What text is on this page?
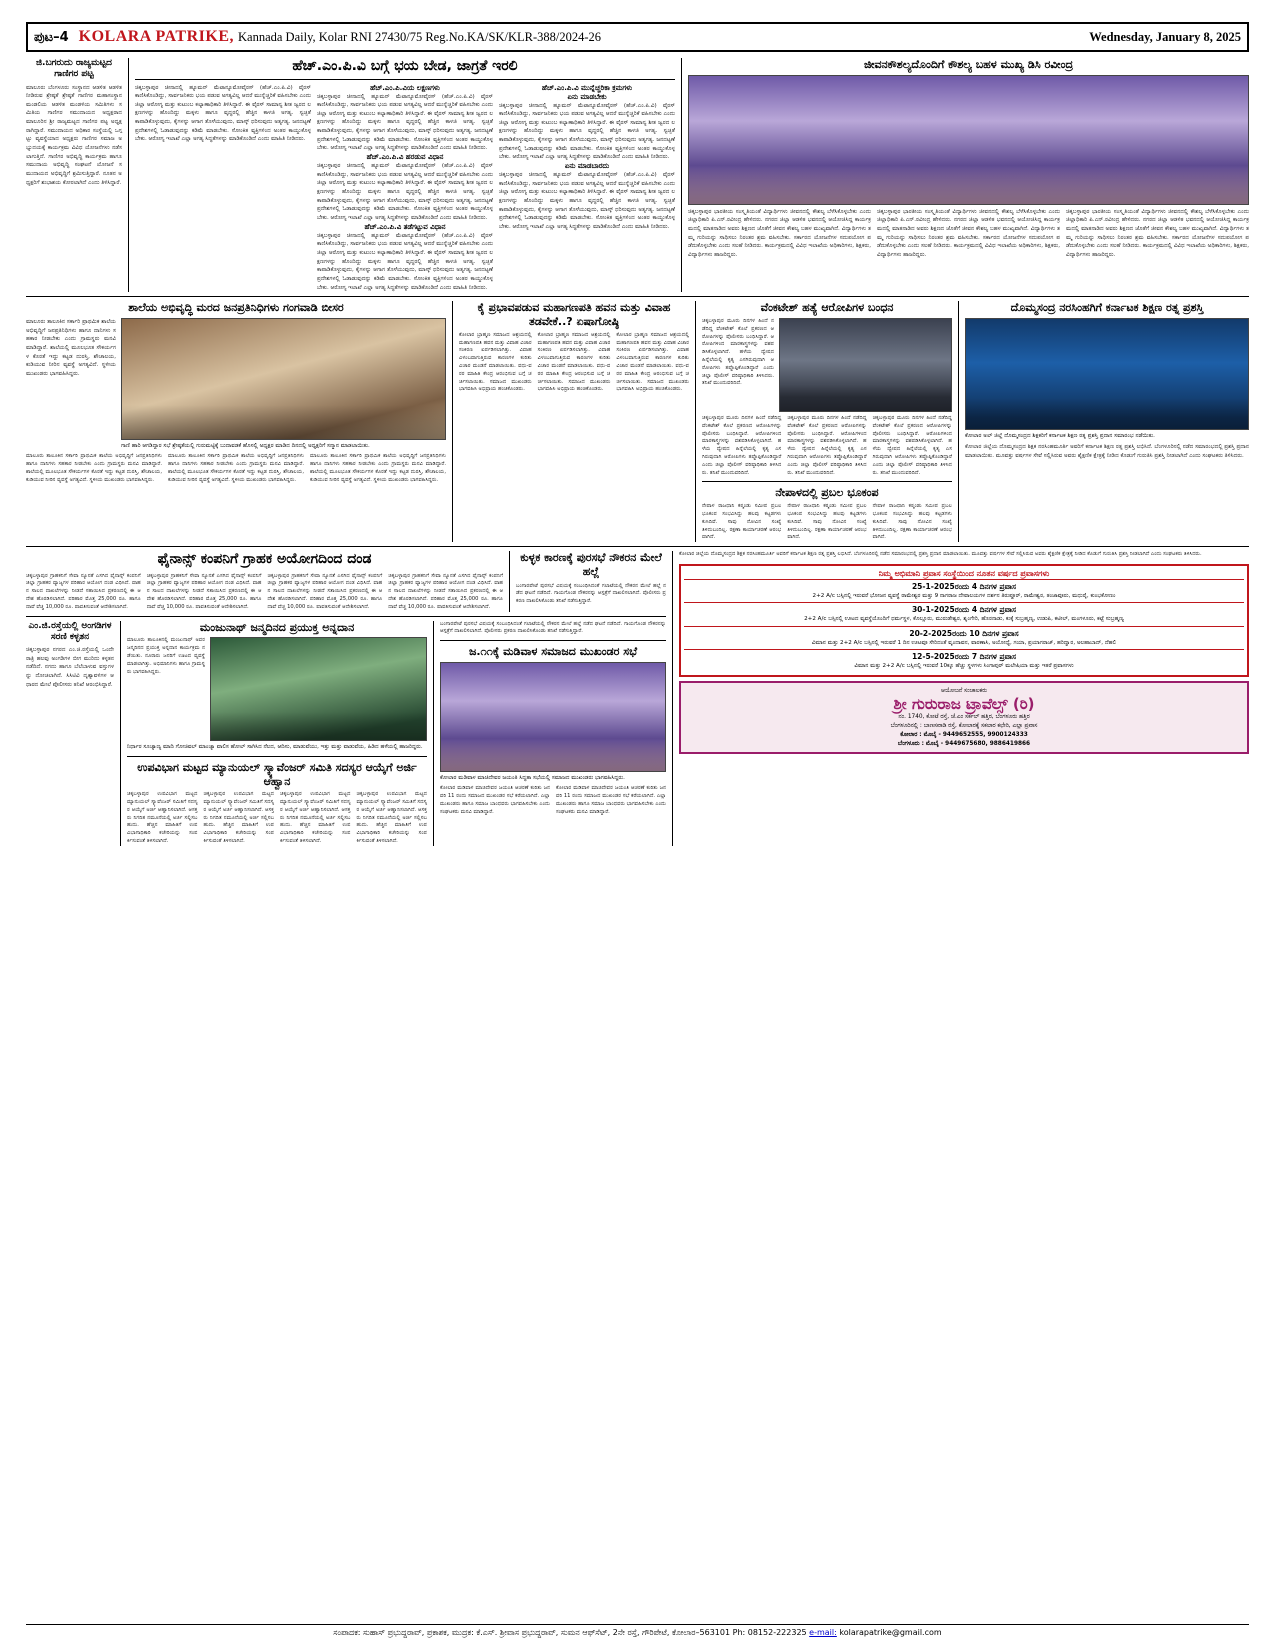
ಪುಟ–4 KOLARA PATRIKE, Kannada Daily, Kolar RNI 27430/75 Reg.No.KA/SK/KLR-388/2024-26	Wednesday, January 8, 2025
ಜಿ.ಬಗರುದು ರಾಜ್ಯಮಟ್ಟದ ಗಾಣಿಗರ ಪಟ್ಟ
ಮಾಲೂರು ಬೆಂಗಳೂರು ಸಂಸ್ಥಾನದ ಆಡಳಿತ ಆಡಳಿತ ನೀಡಿರುವ ಶ್ರೇಷ್ಠತೆ ಶ್ರೇಷ್ಠತೆ ಗಾಣಿಗರ ಮಹಾಸಂಸ್ಥಾನ ಮಂಡಲಿಯ ಆಡಳಿತ ಮಂಡಳಿಯ ಸಮಿತಿಗಳು ಸಮಿತಿಯ ಗಾಣಿಗರ ಸಮುದಾಯದ ಅಧ್ಯಕ್ಷರಾದ ಮಾಲೂರಿನ ಶ್ರೀ ರಾಜ್ಯಮಟ್ಟದ ಗಾಣಿಗರ ಪಟ್ಟ ಅಧ್ಯಕ್ಷರಾಗಿದ್ದಾರೆ. ಸಮುದಾಯದ ಅಧಿಕಾರ ಸಂಸ್ಥೆಯಲ್ಲಿ ಒಗ್ಗಟ್ಟು ವ್ಯವಸ್ಥೆಯಾದ ಅಧ್ಯಕ್ಷರು ಗಾಣಿಗರ ಸಮಾಜ ಅಭ್ಯುದಯಕ್ಕೆ ಕಾರ್ಯಕ್ರಮ ವಿವಿಧ ಯೋಜನೆಗಳು ನಡೆಸಲಾಗುತ್ತಿದೆ. ಗಾಣಿಗರ ಅಭಿವೃದ್ಧಿ ಕಾರ್ಯಕ್ರಮ ಹಾಗೂ ಸಮುದಾಯ ಅಭಿವೃದ್ಧಿ ಸಂಘಟನೆ ಯೋಜನೆ ಸಮುದಾಯದ ಅಭಿವೃದ್ಧಿಗೆ ಶ್ರಮಿಸುತ್ತಿದ್ದಾರೆ. ನೂತನ ಅಧ್ಯಕ್ಷರಿಗೆ ಶುಭಾಶಯ ಕೋರಲಾಗಿದೆ ಎಂದು ತಿಳಿಸಿದ್ದಾರೆ.
ಹೆಚ್.ಎಂ.ಪಿ.ವಿ ಬಗ್ಗೆ ಭಯ ಬೇಡ, ಜಾಗ್ರತೆ ಇರಲಿ
ಚಿಕ್ಕಬಳ್ಳಾಪುರ ಚೀನಾದಲ್ಲಿ ಹ್ಯೂಮನ್ ಮೆಟಾನ್ಯೂಮೋವೈರಸ್ (ಹೆಚ್.ಎಂ.ಪಿ.ವಿ) ವೈರಸ್ ಕಾಣಿಸಿಕೊಂಡಿದ್ದು, ಸಾರ್ವಜನಿಕರು ಭಯ ಪಡುವ ಅಗತ್ಯವಿಲ್ಲ ಆದರೆ ಮುನ್ನೆಚ್ಚರಿಕೆ ವಹಿಸಬೇಕು ಎಂದು ಜಿಲ್ಲಾ ಆರೋಗ್ಯ ಮತ್ತು ಕುಟುಂಬ ಕಲ್ಯಾಣಾಧಿಕಾರಿ ತಿಳಿಸಿದ್ದಾರೆ. ಈ ವೈರಸ್ ಸಾಮಾನ್ಯ ಶೀತ ಜ್ವರದ ಲಕ್ಷಣಗಳನ್ನು ಹೊಂದಿದ್ದು ಮಕ್ಕಳು ಹಾಗೂ ವೃದ್ಧರಲ್ಲಿ ಹೆಚ್ಚಿನ ಕಾಳಜಿ ಅಗತ್ಯ. ಸ್ವಚ್ಛತೆ ಕಾಪಾಡಿಕೊಳ್ಳುವುದು, ಕೈಗಳನ್ನು ಆಗಾಗ ತೊಳೆಯುವುದು, ಮಾಸ್ಕ್ ಧರಿಸುವುದು ಅತ್ಯಗತ್ಯ. ಜನದಟ್ಟಣೆ ಪ್ರದೇಶಗಳಲ್ಲಿ ಓಡಾಡುವುದನ್ನು ಕಡಿಮೆ ಮಾಡಬೇಕು. ಸೋಂಕಿತ ವ್ಯಕ್ತಿಗಳಿಂದ ಅಂತರ ಕಾಯ್ದುಕೊಳ್ಳಬೇಕು. ಆರೋಗ್ಯ ಇಲಾಖೆ ಎಲ್ಲಾ ಅಗತ್ಯ ಸಿದ್ಧತೆಗಳನ್ನು ಮಾಡಿಕೊಂಡಿದೆ ಎಂದು ಮಾಹಿತಿ ನೀಡಿದರು.
ಹೆಚ್.ಎಂ.ಪಿ.ವಿಯ ಲಕ್ಷಣಗಳು
ಚಿಕ್ಕಬಳ್ಳಾಪುರ ಚೀನಾದಲ್ಲಿ ಹ್ಯೂಮನ್ ಮೆಟಾನ್ಯೂಮೋವೈರಸ್ (ಹೆಚ್.ಎಂ.ಪಿ.ವಿ) ವೈರಸ್ ಕಾಣಿಸಿಕೊಂಡಿದ್ದು, ಸಾರ್ವಜನಿಕರು ಭಯ ಪಡುವ ಅಗತ್ಯವಿಲ್ಲ ಆದರೆ ಮುನ್ನೆಚ್ಚರಿಕೆ ವಹಿಸಬೇಕು ಎಂದು ಜಿಲ್ಲಾ ಆರೋಗ್ಯ ಮತ್ತು ಕುಟುಂಬ ಕಲ್ಯಾಣಾಧಿಕಾರಿ ತಿಳಿಸಿದ್ದಾರೆ. ಈ ವೈರಸ್ ಸಾಮಾನ್ಯ ಶೀತ ಜ್ವರದ ಲಕ್ಷಣಗಳನ್ನು ಹೊಂದಿದ್ದು ಮಕ್ಕಳು ಹಾಗೂ ವೃದ್ಧರಲ್ಲಿ ಹೆಚ್ಚಿನ ಕಾಳಜಿ ಅಗತ್ಯ. ಸ್ವಚ್ಛತೆ ಕಾಪಾಡಿಕೊಳ್ಳುವುದು, ಕೈಗಳನ್ನು ಆಗಾಗ ತೊಳೆಯುವುದು, ಮಾಸ್ಕ್ ಧರಿಸುವುದು ಅತ್ಯಗತ್ಯ. ಜನದಟ್ಟಣೆ ಪ್ರದೇಶಗಳಲ್ಲಿ ಓಡಾಡುವುದನ್ನು ಕಡಿಮೆ ಮಾಡಬೇಕು. ಸೋಂಕಿತ ವ್ಯಕ್ತಿಗಳಿಂದ ಅಂತರ ಕಾಯ್ದುಕೊಳ್ಳಬೇಕು. ಆರೋಗ್ಯ ಇಲಾಖೆ ಎಲ್ಲಾ ಅಗತ್ಯ ಸಿದ್ಧತೆಗಳನ್ನು ಮಾಡಿಕೊಂಡಿದೆ ಎಂದು ಮಾಹಿತಿ ನೀಡಿದರು.
ಹೆಚ್.ಎಂ.ಪಿ.ವಿ ಹರಡುವ ವಿಧಾನ
ಚಿಕ್ಕಬಳ್ಳಾಪುರ ಚೀನಾದಲ್ಲಿ ಹ್ಯೂಮನ್ ಮೆಟಾನ್ಯೂಮೋವೈರಸ್ (ಹೆಚ್.ಎಂ.ಪಿ.ವಿ) ವೈರಸ್ ಕಾಣಿಸಿಕೊಂಡಿದ್ದು, ಸಾರ್ವಜನಿಕರು ಭಯ ಪಡುವ ಅಗತ್ಯವಿಲ್ಲ ಆದರೆ ಮುನ್ನೆಚ್ಚರಿಕೆ ವಹಿಸಬೇಕು ಎಂದು ಜಿಲ್ಲಾ ಆರೋಗ್ಯ ಮತ್ತು ಕುಟುಂಬ ಕಲ್ಯಾಣಾಧಿಕಾರಿ ತಿಳಿಸಿದ್ದಾರೆ. ಈ ವೈರಸ್ ಸಾಮಾನ್ಯ ಶೀತ ಜ್ವರದ ಲಕ್ಷಣಗಳನ್ನು ಹೊಂದಿದ್ದು ಮಕ್ಕಳು ಹಾಗೂ ವೃದ್ಧರಲ್ಲಿ ಹೆಚ್ಚಿನ ಕಾಳಜಿ ಅಗತ್ಯ. ಸ್ವಚ್ಛತೆ ಕಾಪಾಡಿಕೊಳ್ಳುವುದು, ಕೈಗಳನ್ನು ಆಗಾಗ ತೊಳೆಯುವುದು, ಮಾಸ್ಕ್ ಧರಿಸುವುದು ಅತ್ಯಗತ್ಯ. ಜನದಟ್ಟಣೆ ಪ್ರದೇಶಗಳಲ್ಲಿ ಓಡಾಡುವುದನ್ನು ಕಡಿಮೆ ಮಾಡಬೇಕು. ಸೋಂಕಿತ ವ್ಯಕ್ತಿಗಳಿಂದ ಅಂತರ ಕಾಯ್ದುಕೊಳ್ಳಬೇಕು. ಆರೋಗ್ಯ ಇಲಾಖೆ ಎಲ್ಲಾ ಅಗತ್ಯ ಸಿದ್ಧತೆಗಳನ್ನು ಮಾಡಿಕೊಂಡಿದೆ ಎಂದು ಮಾಹಿತಿ ನೀಡಿದರು.
ಹೆಚ್.ಎಂ.ಪಿ.ವಿ ತಡೆಗಟ್ಟುವ ವಿಧಾನ
ಚಿಕ್ಕಬಳ್ಳಾಪುರ ಚೀನಾದಲ್ಲಿ ಹ್ಯೂಮನ್ ಮೆಟಾನ್ಯೂಮೋವೈರಸ್ (ಹೆಚ್.ಎಂ.ಪಿ.ವಿ) ವೈರಸ್ ಕಾಣಿಸಿಕೊಂಡಿದ್ದು, ಸಾರ್ವಜನಿಕರು ಭಯ ಪಡುವ ಅಗತ್ಯವಿಲ್ಲ ಆದರೆ ಮುನ್ನೆಚ್ಚರಿಕೆ ವಹಿಸಬೇಕು ಎಂದು ಜಿಲ್ಲಾ ಆರೋಗ್ಯ ಮತ್ತು ಕುಟುಂಬ ಕಲ್ಯಾಣಾಧಿಕಾರಿ ತಿಳಿಸಿದ್ದಾರೆ. ಈ ವೈರಸ್ ಸಾಮಾನ್ಯ ಶೀತ ಜ್ವರದ ಲಕ್ಷಣಗಳನ್ನು ಹೊಂದಿದ್ದು ಮಕ್ಕಳು ಹಾಗೂ ವೃದ್ಧರಲ್ಲಿ ಹೆಚ್ಚಿನ ಕಾಳಜಿ ಅಗತ್ಯ. ಸ್ವಚ್ಛತೆ ಕಾಪಾಡಿಕೊಳ್ಳುವುದು, ಕೈಗಳನ್ನು ಆಗಾಗ ತೊಳೆಯುವುದು, ಮಾಸ್ಕ್ ಧರಿಸುವುದು ಅತ್ಯಗತ್ಯ. ಜನದಟ್ಟಣೆ ಪ್ರದೇಶಗಳಲ್ಲಿ ಓಡಾಡುವುದನ್ನು ಕಡಿಮೆ ಮಾಡಬೇಕು. ಸೋಂಕಿತ ವ್ಯಕ್ತಿಗಳಿಂದ ಅಂತರ ಕಾಯ್ದುಕೊಳ್ಳಬೇಕು. ಆರೋಗ್ಯ ಇಲಾಖೆ ಎಲ್ಲಾ ಅಗತ್ಯ ಸಿದ್ಧತೆಗಳನ್ನು ಮಾಡಿಕೊಂಡಿದೆ ಎಂದು ಮಾಹಿತಿ ನೀಡಿದರು.
ಹೆಚ್.ಎಂ.ಪಿ.ವಿ ಮುನ್ನೆಚ್ಚರಿಕಾ ಕ್ರಮಗಳು
ಏನು ಮಾಡಬೇಕು
ಚಿಕ್ಕಬಳ್ಳಾಪುರ ಚೀನಾದಲ್ಲಿ ಹ್ಯೂಮನ್ ಮೆಟಾನ್ಯೂಮೋವೈರಸ್ (ಹೆಚ್.ಎಂ.ಪಿ.ವಿ) ವೈರಸ್ ಕಾಣಿಸಿಕೊಂಡಿದ್ದು, ಸಾರ್ವಜನಿಕರು ಭಯ ಪಡುವ ಅಗತ್ಯವಿಲ್ಲ ಆದರೆ ಮುನ್ನೆಚ್ಚರಿಕೆ ವಹಿಸಬೇಕು ಎಂದು ಜಿಲ್ಲಾ ಆರೋಗ್ಯ ಮತ್ತು ಕುಟುಂಬ ಕಲ್ಯಾಣಾಧಿಕಾರಿ ತಿಳಿಸಿದ್ದಾರೆ. ಈ ವೈರಸ್ ಸಾಮಾನ್ಯ ಶೀತ ಜ್ವರದ ಲಕ್ಷಣಗಳನ್ನು ಹೊಂದಿದ್ದು ಮಕ್ಕಳು ಹಾಗೂ ವೃದ್ಧರಲ್ಲಿ ಹೆಚ್ಚಿನ ಕಾಳಜಿ ಅಗತ್ಯ. ಸ್ವಚ್ಛತೆ ಕಾಪಾಡಿಕೊಳ್ಳುವುದು, ಕೈಗಳನ್ನು ಆಗಾಗ ತೊಳೆಯುವುದು, ಮಾಸ್ಕ್ ಧರಿಸುವುದು ಅತ್ಯಗತ್ಯ. ಜನದಟ್ಟಣೆ ಪ್ರದೇಶಗಳಲ್ಲಿ ಓಡಾಡುವುದನ್ನು ಕಡಿಮೆ ಮಾಡಬೇಕು. ಸೋಂಕಿತ ವ್ಯಕ್ತಿಗಳಿಂದ ಅಂತರ ಕಾಯ್ದುಕೊಳ್ಳಬೇಕು. ಆರೋಗ್ಯ ಇಲಾಖೆ ಎಲ್ಲಾ ಅಗತ್ಯ ಸಿದ್ಧತೆಗಳನ್ನು ಮಾಡಿಕೊಂಡಿದೆ ಎಂದು ಮಾಹಿತಿ ನೀಡಿದರು.
ಏನು ಮಾಡಬಾರದು
ಚಿಕ್ಕಬಳ್ಳಾಪುರ ಚೀನಾದಲ್ಲಿ ಹ್ಯೂಮನ್ ಮೆಟಾನ್ಯೂಮೋವೈರಸ್ (ಹೆಚ್.ಎಂ.ಪಿ.ವಿ) ವೈರಸ್ ಕಾಣಿಸಿಕೊಂಡಿದ್ದು, ಸಾರ್ವಜನಿಕರು ಭಯ ಪಡುವ ಅಗತ್ಯವಿಲ್ಲ ಆದರೆ ಮುನ್ನೆಚ್ಚರಿಕೆ ವಹಿಸಬೇಕು ಎಂದು ಜಿಲ್ಲಾ ಆರೋಗ್ಯ ಮತ್ತು ಕುಟುಂಬ ಕಲ್ಯಾಣಾಧಿಕಾರಿ ತಿಳಿಸಿದ್ದಾರೆ. ಈ ವೈರಸ್ ಸಾಮಾನ್ಯ ಶೀತ ಜ್ವರದ ಲಕ್ಷಣಗಳನ್ನು ಹೊಂದಿದ್ದು ಮಕ್ಕಳು ಹಾಗೂ ವೃದ್ಧರಲ್ಲಿ ಹೆಚ್ಚಿನ ಕಾಳಜಿ ಅಗತ್ಯ. ಸ್ವಚ್ಛತೆ ಕಾಪಾಡಿಕೊಳ್ಳುವುದು, ಕೈಗಳನ್ನು ಆಗಾಗ ತೊಳೆಯುವುದು, ಮಾಸ್ಕ್ ಧರಿಸುವುದು ಅತ್ಯಗತ್ಯ. ಜನದಟ್ಟಣೆ ಪ್ರದೇಶಗಳಲ್ಲಿ ಓಡಾಡುವುದನ್ನು ಕಡಿಮೆ ಮಾಡಬೇಕು. ಸೋಂಕಿತ ವ್ಯಕ್ತಿಗಳಿಂದ ಅಂತರ ಕಾಯ್ದುಕೊಳ್ಳಬೇಕು. ಆರೋಗ್ಯ ಇಲಾಖೆ ಎಲ್ಲಾ ಅಗತ್ಯ ಸಿದ್ಧತೆಗಳನ್ನು ಮಾಡಿಕೊಂಡಿದೆ ಎಂದು ಮಾಹಿತಿ ನೀಡಿದರು.
ಜೀವನಕೌಶಲ್ಯದೊಂದಿಗೆ ಕೌಶಲ್ಯ ಬಹಳ ಮುಖ್ಯ ಡಿಸಿ ರವೀಂದ್ರ
ಚಿಕ್ಕಬಳ್ಳಾಪುರ ಭಾರತೀಯ ಸಂಸ್ಕೃತಿಯಂತೆ ವಿದ್ಯಾರ್ಥಿಗಳು ಜೀವನದಲ್ಲಿ ಕೌಶಲ್ಯ ಬೆಳೆಸಿಕೊಳ್ಳಬೇಕು ಎಂದು ಜಿಲ್ಲಾಧಿಕಾರಿ ಪಿ.ಎನ್.ರವೀಂದ್ರ ಹೇಳಿದರು. ನಗರದ ಜಿಲ್ಲಾ ಆಡಳಿತ ಭವನದಲ್ಲಿ ಆಯೋಜಿಸಿದ್ದ ಕಾರ್ಯಕ್ರಮದಲ್ಲಿ ಮಾತನಾಡಿದ ಅವರು ಶಿಕ್ಷಣದ ಜೊತೆಗೆ ಜೀವನ ಕೌಶಲ್ಯ ಬಹಳ ಮುಖ್ಯವಾಗಿದೆ. ವಿದ್ಯಾರ್ಥಿಗಳು ತಮ್ಮ ಗುರಿಯನ್ನು ಸಾಧಿಸಲು ನಿರಂತರ ಶ್ರಮ ವಹಿಸಬೇಕು. ಸರ್ಕಾರದ ಯೋಜನೆಗಳ ಸದುಪಯೋಗ ಪಡೆದುಕೊಳ್ಳಬೇಕು ಎಂದು ಸಲಹೆ ನೀಡಿದರು. ಕಾರ್ಯಕ್ರಮದಲ್ಲಿ ವಿವಿಧ ಇಲಾಖೆಯ ಅಧಿಕಾರಿಗಳು, ಶಿಕ್ಷಕರು, ವಿದ್ಯಾರ್ಥಿಗಳು ಹಾಜರಿದ್ದರು.
ಚಿಕ್ಕಬಳ್ಳಾಪುರ ಭಾರತೀಯ ಸಂಸ್ಕೃತಿಯಂತೆ ವಿದ್ಯಾರ್ಥಿಗಳು ಜೀವನದಲ್ಲಿ ಕೌಶಲ್ಯ ಬೆಳೆಸಿಕೊಳ್ಳಬೇಕು ಎಂದು ಜಿಲ್ಲಾಧಿಕಾರಿ ಪಿ.ಎನ್.ರವೀಂದ್ರ ಹೇಳಿದರು. ನಗರದ ಜಿಲ್ಲಾ ಆಡಳಿತ ಭವನದಲ್ಲಿ ಆಯೋಜಿಸಿದ್ದ ಕಾರ್ಯಕ್ರಮದಲ್ಲಿ ಮಾತನಾಡಿದ ಅವರು ಶಿಕ್ಷಣದ ಜೊತೆಗೆ ಜೀವನ ಕೌಶಲ್ಯ ಬಹಳ ಮುಖ್ಯವಾಗಿದೆ. ವಿದ್ಯಾರ್ಥಿಗಳು ತಮ್ಮ ಗುರಿಯನ್ನು ಸಾಧಿಸಲು ನಿರಂತರ ಶ್ರಮ ವಹಿಸಬೇಕು. ಸರ್ಕಾರದ ಯೋಜನೆಗಳ ಸದುಪಯೋಗ ಪಡೆದುಕೊಳ್ಳಬೇಕು ಎಂದು ಸಲಹೆ ನೀಡಿದರು. ಕಾರ್ಯಕ್ರಮದಲ್ಲಿ ವಿವಿಧ ಇಲಾಖೆಯ ಅಧಿಕಾರಿಗಳು, ಶಿಕ್ಷಕರು, ವಿದ್ಯಾರ್ಥಿಗಳು ಹಾಜರಿದ್ದರು.
ಚಿಕ್ಕಬಳ್ಳಾಪುರ ಭಾರತೀಯ ಸಂಸ್ಕೃತಿಯಂತೆ ವಿದ್ಯಾರ್ಥಿಗಳು ಜೀವನದಲ್ಲಿ ಕೌಶಲ್ಯ ಬೆಳೆಸಿಕೊಳ್ಳಬೇಕು ಎಂದು ಜಿಲ್ಲಾಧಿಕಾರಿ ಪಿ.ಎನ್.ರವೀಂದ್ರ ಹೇಳಿದರು. ನಗರದ ಜಿಲ್ಲಾ ಆಡಳಿತ ಭವನದಲ್ಲಿ ಆಯೋಜಿಸಿದ್ದ ಕಾರ್ಯಕ್ರಮದಲ್ಲಿ ಮಾತನಾಡಿದ ಅವರು ಶಿಕ್ಷಣದ ಜೊತೆಗೆ ಜೀವನ ಕೌಶಲ್ಯ ಬಹಳ ಮುಖ್ಯವಾಗಿದೆ. ವಿದ್ಯಾರ್ಥಿಗಳು ತಮ್ಮ ಗುರಿಯನ್ನು ಸಾಧಿಸಲು ನಿರಂತರ ಶ್ರಮ ವಹಿಸಬೇಕು. ಸರ್ಕಾರದ ಯೋಜನೆಗಳ ಸದುಪಯೋಗ ಪಡೆದುಕೊಳ್ಳಬೇಕು ಎಂದು ಸಲಹೆ ನೀಡಿದರು. ಕಾರ್ಯಕ್ರಮದಲ್ಲಿ ವಿವಿಧ ಇಲಾಖೆಯ ಅಧಿಕಾರಿಗಳು, ಶಿಕ್ಷಕರು, ವಿದ್ಯಾರ್ಥಿಗಳು ಹಾಜರಿದ್ದರು.
ಶಾಲೆಯ ಅಭಿವೃದ್ಧಿ ಮರದ ಜನಪ್ರತಿನಿಧಿಗಳು ಗಂಗವಾಡಿ ಬೀಸರ
ಮಾಲೂರು ತಾಲೂಕಿನ ಸರ್ಕಾರಿ ಪ್ರಾಥಮಿಕ ಶಾಲೆಯ ಅಭಿವೃದ್ಧಿಗೆ ಜನಪ್ರತಿನಿಧಿಗಳು ಹಾಗೂ ದಾನಿಗಳು ಸಹಕಾರ ನೀಡಬೇಕು ಎಂದು ಗ್ರಾಮಸ್ಥರು ಮನವಿ ಮಾಡಿದ್ದಾರೆ. ಶಾಲೆಯಲ್ಲಿ ಮೂಲಭೂತ ಸೌಕರ್ಯಗಳ ಕೊರತೆ ಇದ್ದು ಕಟ್ಟಡ ದುರಸ್ತಿ, ಶೌಚಾಲಯ, ಕುಡಿಯುವ ನೀರಿನ ವ್ಯವಸ್ಥೆ ಅಗತ್ಯವಿದೆ. ಸ್ಥಳೀಯ ಮುಖಂಡರು ಭಾಗವಹಿಸಿದ್ದರು.
ಗಾಣಿ ಹಾರಿ ಆಗಡಿದ್ದಾರ ಸಭೆ ಶ್ರೇಷ್ಠತೆಯಲ್ಲಿ ಗುರುಮಟ್ಟಿಕ್ಕೆ ಬುದಾವಡಕೆ ಹೊಸಲ್ಲಿ ಅಧ್ಯಕ್ಷರ ಮಾಡಿದ ದಿನದಲ್ಲಿ ಅಧ್ಯಕ್ಷರಿಗೆ ಸನ್ಮಾನ ಮಾಡಲಾಯಿತು.
ಮಾಲೂರು ತಾಲೂಕಿನ ಸರ್ಕಾರಿ ಪ್ರಾಥಮಿಕ ಶಾಲೆಯ ಅಭಿವೃದ್ಧಿಗೆ ಜನಪ್ರತಿನಿಧಿಗಳು ಹಾಗೂ ದಾನಿಗಳು ಸಹಕಾರ ನೀಡಬೇಕು ಎಂದು ಗ್ರಾಮಸ್ಥರು ಮನವಿ ಮಾಡಿದ್ದಾರೆ. ಶಾಲೆಯಲ್ಲಿ ಮೂಲಭೂತ ಸೌಕರ್ಯಗಳ ಕೊರತೆ ಇದ್ದು ಕಟ್ಟಡ ದುರಸ್ತಿ, ಶೌಚಾಲಯ, ಕುಡಿಯುವ ನೀರಿನ ವ್ಯವಸ್ಥೆ ಅಗತ್ಯವಿದೆ. ಸ್ಥಳೀಯ ಮುಖಂಡರು ಭಾಗವಹಿಸಿದ್ದರು.
ಮಾಲೂರು ತಾಲೂಕಿನ ಸರ್ಕಾರಿ ಪ್ರಾಥಮಿಕ ಶಾಲೆಯ ಅಭಿವೃದ್ಧಿಗೆ ಜನಪ್ರತಿನಿಧಿಗಳು ಹಾಗೂ ದಾನಿಗಳು ಸಹಕಾರ ನೀಡಬೇಕು ಎಂದು ಗ್ರಾಮಸ್ಥರು ಮನವಿ ಮಾಡಿದ್ದಾರೆ. ಶಾಲೆಯಲ್ಲಿ ಮೂಲಭೂತ ಸೌಕರ್ಯಗಳ ಕೊರತೆ ಇದ್ದು ಕಟ್ಟಡ ದುರಸ್ತಿ, ಶೌಚಾಲಯ, ಕುಡಿಯುವ ನೀರಿನ ವ್ಯವಸ್ಥೆ ಅಗತ್ಯವಿದೆ. ಸ್ಥಳೀಯ ಮುಖಂಡರು ಭಾಗವಹಿಸಿದ್ದರು.
ಮಾಲೂರು ತಾಲೂಕಿನ ಸರ್ಕಾರಿ ಪ್ರಾಥಮಿಕ ಶಾಲೆಯ ಅಭಿವೃದ್ಧಿಗೆ ಜನಪ್ರತಿನಿಧಿಗಳು ಹಾಗೂ ದಾನಿಗಳು ಸಹಕಾರ ನೀಡಬೇಕು ಎಂದು ಗ್ರಾಮಸ್ಥರು ಮನವಿ ಮಾಡಿದ್ದಾರೆ. ಶಾಲೆಯಲ್ಲಿ ಮೂಲಭೂತ ಸೌಕರ್ಯಗಳ ಕೊರತೆ ಇದ್ದು ಕಟ್ಟಡ ದುರಸ್ತಿ, ಶೌಚಾಲಯ, ಕುಡಿಯುವ ನೀರಿನ ವ್ಯವಸ್ಥೆ ಅಗತ್ಯವಿದೆ. ಸ್ಥಳೀಯ ಮುಖಂಡರು ಭಾಗವಹಿಸಿದ್ದರು.
ಕೈ ಪ್ರಭಾವಪಡುವ ಮಹಾಗಣಪತಿ ಹವನ ಮತ್ತು ವಿವಾಹ ತಡವೇಕೆ..? ಏಷಾಗೋಷ್ಠಿ
ಕೋಲಾರ ಬ್ರಾಹ್ಮಣ ಸಮಾಜದ ಆಶ್ರಯದಲ್ಲಿ ಮಹಾಗಣಪತಿ ಹವನ ಮತ್ತು ವಿವಾಹ ವಿಚಾರ ಸಂಕಿರಣ ಏರ್ಪಡಿಸಲಾಗಿತ್ತು. ವಿವಾಹ ವಿಳಂಬವಾಗುತ್ತಿರುವ ಕಾರಣಗಳ ಕುರಿತು ವಿಚಾರ ಮಂಡನೆ ಮಾಡಲಾಯಿತು. ವಧು-ವರರ ಮಾಹಿತಿ ಕೇಂದ್ರ ಆರಂಭಿಸುವ ಬಗ್ಗೆ ಚರ್ಚಿಸಲಾಯಿತು. ಸಮಾಜದ ಮುಖಂಡರು ಭಾಗವಹಿಸಿ ಅಭಿಪ್ರಾಯ ಹಂಚಿಕೊಂಡರು.
ಕೋಲಾರ ಬ್ರಾಹ್ಮಣ ಸಮಾಜದ ಆಶ್ರಯದಲ್ಲಿ ಮಹಾಗಣಪತಿ ಹವನ ಮತ್ತು ವಿವಾಹ ವಿಚಾರ ಸಂಕಿರಣ ಏರ್ಪಡಿಸಲಾಗಿತ್ತು. ವಿವಾಹ ವಿಳಂಬವಾಗುತ್ತಿರುವ ಕಾರಣಗಳ ಕುರಿತು ವಿಚಾರ ಮಂಡನೆ ಮಾಡಲಾಯಿತು. ವಧು-ವರರ ಮಾಹಿತಿ ಕೇಂದ್ರ ಆರಂಭಿಸುವ ಬಗ್ಗೆ ಚರ್ಚಿಸಲಾಯಿತು. ಸಮಾಜದ ಮುಖಂಡರು ಭಾಗವಹಿಸಿ ಅಭಿಪ್ರಾಯ ಹಂಚಿಕೊಂಡರು.
ಕೋಲಾರ ಬ್ರಾಹ್ಮಣ ಸಮಾಜದ ಆಶ್ರಯದಲ್ಲಿ ಮಹಾಗಣಪತಿ ಹವನ ಮತ್ತು ವಿವಾಹ ವಿಚಾರ ಸಂಕಿರಣ ಏರ್ಪಡಿಸಲಾಗಿತ್ತು. ವಿವಾಹ ವಿಳಂಬವಾಗುತ್ತಿರುವ ಕಾರಣಗಳ ಕುರಿತು ವಿಚಾರ ಮಂಡನೆ ಮಾಡಲಾಯಿತು. ವಧು-ವರರ ಮಾಹಿತಿ ಕೇಂದ್ರ ಆರಂಭಿಸುವ ಬಗ್ಗೆ ಚರ್ಚಿಸಲಾಯಿತು. ಸಮಾಜದ ಮುಖಂಡರು ಭಾಗವಹಿಸಿ ಅಭಿಪ್ರಾಯ ಹಂಚಿಕೊಂಡರು.
ವೆಂಕಟೇಶ್ ಹತ್ಯೆ ಆರೋಪಿಗಳ ಬಂಧನ
ಚಿಕ್ಕಬಳ್ಳಾಪುರ ಮೂರು ದಿನಗಳ ಹಿಂದೆ ನಡೆದಿದ್ದ ವೆಂಕಟೇಶ್ ಕೊಲೆ ಪ್ರಕರಣದ ಆರೋಪಿಗಳನ್ನು ಪೊಲೀಸರು ಬಂಧಿಸಿದ್ದಾರೆ. ಆರೋಪಿಗಳಿಂದ ಮಾರಕಾಸ್ತ್ರಗಳನ್ನು ವಶಪಡಿಸಿಕೊಳ್ಳಲಾಗಿದೆ. ಹಳೆಯ ದ್ವೇಷದ ಹಿನ್ನೆಲೆಯಲ್ಲಿ ಕೃತ್ಯ ಎಸಗಿರುವುದಾಗಿ ಆರೋಪಿಗಳು ತಪ್ಪೊಪ್ಪಿಕೊಂಡಿದ್ದಾರೆ ಎಂದು ಜಿಲ್ಲಾ ಪೊಲೀಸ್ ವರಿಷ್ಠಾಧಿಕಾರಿ ತಿಳಿಸಿದರು. ತನಿಖೆ ಮುಂದುವರಿದಿದೆ.
ಚಿಕ್ಕಬಳ್ಳಾಪುರ ಮೂರು ದಿನಗಳ ಹಿಂದೆ ನಡೆದಿದ್ದ ವೆಂಕಟೇಶ್ ಕೊಲೆ ಪ್ರಕರಣದ ಆರೋಪಿಗಳನ್ನು ಪೊಲೀಸರು ಬಂಧಿಸಿದ್ದಾರೆ. ಆರೋಪಿಗಳಿಂದ ಮಾರಕಾಸ್ತ್ರಗಳನ್ನು ವಶಪಡಿಸಿಕೊಳ್ಳಲಾಗಿದೆ. ಹಳೆಯ ದ್ವೇಷದ ಹಿನ್ನೆಲೆಯಲ್ಲಿ ಕೃತ್ಯ ಎಸಗಿರುವುದಾಗಿ ಆರೋಪಿಗಳು ತಪ್ಪೊಪ್ಪಿಕೊಂಡಿದ್ದಾರೆ ಎಂದು ಜಿಲ್ಲಾ ಪೊಲೀಸ್ ವರಿಷ್ಠಾಧಿಕಾರಿ ತಿಳಿಸಿದರು. ತನಿಖೆ ಮುಂದುವರಿದಿದೆ.
ಚಿಕ್ಕಬಳ್ಳಾಪುರ ಮೂರು ದಿನಗಳ ಹಿಂದೆ ನಡೆದಿದ್ದ ವೆಂಕಟೇಶ್ ಕೊಲೆ ಪ್ರಕರಣದ ಆರೋಪಿಗಳನ್ನು ಪೊಲೀಸರು ಬಂಧಿಸಿದ್ದಾರೆ. ಆರೋಪಿಗಳಿಂದ ಮಾರಕಾಸ್ತ್ರಗಳನ್ನು ವಶಪಡಿಸಿಕೊಳ್ಳಲಾಗಿದೆ. ಹಳೆಯ ದ್ವೇಷದ ಹಿನ್ನೆಲೆಯಲ್ಲಿ ಕೃತ್ಯ ಎಸಗಿರುವುದಾಗಿ ಆರೋಪಿಗಳು ತಪ್ಪೊಪ್ಪಿಕೊಂಡಿದ್ದಾರೆ ಎಂದು ಜಿಲ್ಲಾ ಪೊಲೀಸ್ ವರಿಷ್ಠಾಧಿಕಾರಿ ತಿಳಿಸಿದರು. ತನಿಖೆ ಮುಂದುವರಿದಿದೆ.
ಚಿಕ್ಕಬಳ್ಳಾಪುರ ಮೂರು ದಿನಗಳ ಹಿಂದೆ ನಡೆದಿದ್ದ ವೆಂಕಟೇಶ್ ಕೊಲೆ ಪ್ರಕರಣದ ಆರೋಪಿಗಳನ್ನು ಪೊಲೀಸರು ಬಂಧಿಸಿದ್ದಾರೆ. ಆರೋಪಿಗಳಿಂದ ಮಾರಕಾಸ್ತ್ರಗಳನ್ನು ವಶಪಡಿಸಿಕೊಳ್ಳಲಾಗಿದೆ. ಹಳೆಯ ದ್ವೇಷದ ಹಿನ್ನೆಲೆಯಲ್ಲಿ ಕೃತ್ಯ ಎಸಗಿರುವುದಾಗಿ ಆರೋಪಿಗಳು ತಪ್ಪೊಪ್ಪಿಕೊಂಡಿದ್ದಾರೆ ಎಂದು ಜಿಲ್ಲಾ ಪೊಲೀಸ್ ವರಿಷ್ಠಾಧಿಕಾರಿ ತಿಳಿಸಿದರು. ತನಿಖೆ ಮುಂದುವರಿದಿದೆ.
ನೇಪಾಳದಲ್ಲಿ ಪ್ರಬಲ ಭೂಕಂಪ
ನೇಪಾಳ ರಾಜಧಾನಿ ಕಠ್ಮಂಡು ಸಮೀಪ ಪ್ರಬಲ ಭೂಕಂಪ ಸಂಭವಿಸಿದ್ದು ಹಲವು ಕಟ್ಟಡಗಳು ಕುಸಿದಿವೆ. ಸಾವು ನೋವಿನ ಸಂಖ್ಯೆ ತಿಳಿದುಬಂದಿಲ್ಲ. ರಕ್ಷಣಾ ಕಾರ್ಯಾಚರಣೆ ಆರಂಭವಾಗಿದೆ.
ನೇಪಾಳ ರಾಜಧಾನಿ ಕಠ್ಮಂಡು ಸಮೀಪ ಪ್ರಬಲ ಭೂಕಂಪ ಸಂಭವಿಸಿದ್ದು ಹಲವು ಕಟ್ಟಡಗಳು ಕುಸಿದಿವೆ. ಸಾವು ನೋವಿನ ಸಂಖ್ಯೆ ತಿಳಿದುಬಂದಿಲ್ಲ. ರಕ್ಷಣಾ ಕಾರ್ಯಾಚರಣೆ ಆರಂಭವಾಗಿದೆ.
ನೇಪಾಳ ರಾಜಧಾನಿ ಕಠ್ಮಂಡು ಸಮೀಪ ಪ್ರಬಲ ಭೂಕಂಪ ಸಂಭವಿಸಿದ್ದು ಹಲವು ಕಟ್ಟಡಗಳು ಕುಸಿದಿವೆ. ಸಾವು ನೋವಿನ ಸಂಖ್ಯೆ ತಿಳಿದುಬಂದಿಲ್ಲ. ರಕ್ಷಣಾ ಕಾರ್ಯಾಚರಣೆ ಆರಂಭವಾಗಿದೆ.
ದೊಮ್ಮಸಂದ್ರ ನರಸಿಂಹಗಿಗೆ ಕರ್ನಾಟಕ ಶಿಕ್ಷಣ ರತ್ನ ಪ್ರಶಸ್ತಿ
ಕೋಲಾರ ಅಲ್ ಜಿಲ್ಲೆ ದೊಮ್ಮಸಂದ್ರದ ಶಿಕ್ಷಕರಿಗೆ ಕರ್ನಾಟಕ ಶಿಕ್ಷಣ ರತ್ನ ಪ್ರಶಸ್ತಿ ಪ್ರದಾನ ಸಮಾರಂಭ ನಡೆಯಿತು.
ಕೋಲಾರ ಜಿಲ್ಲೆಯ ದೊಮ್ಮಸಂದ್ರದ ಶಿಕ್ಷಕ ನರಸಿಂಹಮೂರ್ತಿ ಅವರಿಗೆ ಕರ್ನಾಟಕ ಶಿಕ್ಷಣ ರತ್ನ ಪ್ರಶಸ್ತಿ ಲಭಿಸಿದೆ. ಬೆಂಗಳೂರಿನಲ್ಲಿ ನಡೆದ ಸಮಾರಂಭದಲ್ಲಿ ಪ್ರಶಸ್ತಿ ಪ್ರದಾನ ಮಾಡಲಾಯಿತು. ಮೂವತ್ತು ವರ್ಷಗಳ ಸೇವೆ ಸಲ್ಲಿಸಿರುವ ಅವರು ಶೈಕ್ಷಣಿಕ ಕ್ಷೇತ್ರಕ್ಕೆ ನೀಡಿದ ಕೊಡುಗೆ ಗುರುತಿಸಿ ಪ್ರಶಸ್ತಿ ನೀಡಲಾಗಿದೆ ಎಂದು ಸಂಘಟಕರು ತಿಳಿಸಿದರು.
ಫೈನಾನ್ಸ್ ಕಂಪನಿಗೆ ಗ್ರಾಹಕ ಅಯೋಗದಿಂದ ದಂಡ
ಚಿಕ್ಕಬಳ್ಳಾಪುರ ಗ್ರಾಹಕನಿಗೆ ಸೇವಾ ನ್ಯೂನತೆ ಎಸಗಿದ ಫೈನಾನ್ಸ್ ಕಂಪನಿಗೆ ಜಿಲ್ಲಾ ಗ್ರಾಹಕರ ವ್ಯಾಜ್ಯಗಳ ಪರಿಹಾರ ಆಯೋಗ ದಂಡ ವಿಧಿಸಿದೆ. ವಾಹನ ಸಾಲದ ದಾಖಲೆಗಳನ್ನು ನೀಡದೆ ಸತಾಯಿಸಿದ ಪ್ರಕರಣದಲ್ಲಿ ಈ ಆದೇಶ ಹೊರಡಿಸಲಾಗಿದೆ. ಪರಿಹಾರ ಮೊತ್ತ 25,000 ರೂ. ಹಾಗೂ ದಾವೆ ವೆಚ್ಚ 10,000 ರೂ. ಪಾವತಿಸುವಂತೆ ಆದೇಶಿಸಲಾಗಿದೆ.
ಚಿಕ್ಕಬಳ್ಳಾಪುರ ಗ್ರಾಹಕನಿಗೆ ಸೇವಾ ನ್ಯೂನತೆ ಎಸಗಿದ ಫೈನಾನ್ಸ್ ಕಂಪನಿಗೆ ಜಿಲ್ಲಾ ಗ್ರಾಹಕರ ವ್ಯಾಜ್ಯಗಳ ಪರಿಹಾರ ಆಯೋಗ ದಂಡ ವಿಧಿಸಿದೆ. ವಾಹನ ಸಾಲದ ದಾಖಲೆಗಳನ್ನು ನೀಡದೆ ಸತಾಯಿಸಿದ ಪ್ರಕರಣದಲ್ಲಿ ಈ ಆದೇಶ ಹೊರಡಿಸಲಾಗಿದೆ. ಪರಿಹಾರ ಮೊತ್ತ 25,000 ರೂ. ಹಾಗೂ ದಾವೆ ವೆಚ್ಚ 10,000 ರೂ. ಪಾವತಿಸುವಂತೆ ಆದೇಶಿಸಲಾಗಿದೆ.
ಚಿಕ್ಕಬಳ್ಳಾಪುರ ಗ್ರಾಹಕನಿಗೆ ಸೇವಾ ನ್ಯೂನತೆ ಎಸಗಿದ ಫೈನಾನ್ಸ್ ಕಂಪನಿಗೆ ಜಿಲ್ಲಾ ಗ್ರಾಹಕರ ವ್ಯಾಜ್ಯಗಳ ಪರಿಹಾರ ಆಯೋಗ ದಂಡ ವಿಧಿಸಿದೆ. ವಾಹನ ಸಾಲದ ದಾಖಲೆಗಳನ್ನು ನೀಡದೆ ಸತಾಯಿಸಿದ ಪ್ರಕರಣದಲ್ಲಿ ಈ ಆದೇಶ ಹೊರಡಿಸಲಾಗಿದೆ. ಪರಿಹಾರ ಮೊತ್ತ 25,000 ರೂ. ಹಾಗೂ ದಾವೆ ವೆಚ್ಚ 10,000 ರೂ. ಪಾವತಿಸುವಂತೆ ಆದೇಶಿಸಲಾಗಿದೆ.
ಚಿಕ್ಕಬಳ್ಳಾಪುರ ಗ್ರಾಹಕನಿಗೆ ಸೇವಾ ನ್ಯೂನತೆ ಎಸಗಿದ ಫೈನಾನ್ಸ್ ಕಂಪನಿಗೆ ಜಿಲ್ಲಾ ಗ್ರಾಹಕರ ವ್ಯಾಜ್ಯಗಳ ಪರಿಹಾರ ಆಯೋಗ ದಂಡ ವಿಧಿಸಿದೆ. ವಾಹನ ಸಾಲದ ದಾಖಲೆಗಳನ್ನು ನೀಡದೆ ಸತಾಯಿಸಿದ ಪ್ರಕರಣದಲ್ಲಿ ಈ ಆದೇಶ ಹೊರಡಿಸಲಾಗಿದೆ. ಪರಿಹಾರ ಮೊತ್ತ 25,000 ರೂ. ಹಾಗೂ ದಾವೆ ವೆಚ್ಚ 10,000 ರೂ. ಪಾವತಿಸುವಂತೆ ಆದೇಶಿಸಲಾಗಿದೆ.
ಕುಳ್ಳಕ ಕಾರಣಕ್ಕೆ ಪುರಸಭೆ ನೌಕರನ ಮೇಲೆ ಹಲ್ಲೆ
ಬಂಗಾರಪೇಟೆ ಪುರಸಭೆ ವಿಷಯಕ್ಕೆ ಸಂಬಂಧಿಸಿದಂತೆ ಗಲಾಟೆಯಲ್ಲಿ ನೌಕರನ ಮೇಲೆ ಹಲ್ಲೆ ನಡೆದ ಘಟನೆ ನಡೆದಿದೆ. ಗಾಯಗೊಂಡ ನೌಕರನನ್ನು ಆಸ್ಪತ್ರೆಗೆ ದಾಖಲಿಸಲಾಗಿದೆ. ಪೊಲೀಸರು ಪ್ರಕರಣ ದಾಖಲಿಸಿಕೊಂಡು ತನಿಖೆ ನಡೆಸುತ್ತಿದ್ದಾರೆ.
ಎಂ.ಜಿ.ರಸ್ತೆಯಲ್ಲಿ ಅಂಗಡಿಗಳ ಸರಣಿ ಕಳ್ಳತನ
ಚಿಕ್ಕಬಳ್ಳಾಪುರ ನಗರದ ಎಂ.ಜಿ.ರಸ್ತೆಯಲ್ಲಿ ಒಂದೇ ರಾತ್ರಿ ಹಲವು ಅಂಗಡಿಗಳ ಬೀಗ ಮುರಿದು ಕಳ್ಳತನ ನಡೆದಿದೆ. ನಗದು ಹಾಗೂ ಬೆಲೆಬಾಳುವ ವಸ್ತುಗಳನ್ನು ದೋಚಲಾಗಿದೆ. ಸಿಸಿಟಿವಿ ದೃಶ್ಯಾವಳಿಗಳ ಆಧಾರದ ಮೇಲೆ ಪೊಲೀಸರು ತನಿಖೆ ಆರಂಭಿಸಿದ್ದಾರೆ.
ಮಂಜುನಾಥ್ ಜನ್ಮದಿನದ ಪ್ರಯುಕ್ತ ಅನ್ನದಾನ
ಮಾಲೂರು ತಾಲೂಕಿನಲ್ಲಿ ಮಂಜುನಾಥ್ ಅವರ ಜನ್ಮದಿನದ ಪ್ರಯುಕ್ತ ಅನ್ನದಾನ ಕಾರ್ಯಕ್ರಮ ನಡೆಯಿತು. ನೂರಾರು ಜನರಿಗೆ ಊಟದ ವ್ಯವಸ್ಥೆ ಮಾಡಲಾಗಿತ್ತು. ಅಭಿಮಾನಿಗಳು ಹಾಗೂ ಗ್ರಾಮಸ್ಥರು ಭಾಗವಹಿಸಿದ್ದರು.
ನಿರ್ಧಾರ ಸೂಚ್ಯಾಣ್ಯ ಮಾದಿ ಗೋಚಿವಲ್ ಮಾಂಚ್ಯಾ ವಾಲಿಸ ಹೋಲ್ ಸಾಗಿಸಿದ ನೆಲದ, ಆದಿಸು, ಮಾಡುವೆಯು, ಇತ್ತು ಮತ್ತು ವಾಡುವೆಯ, ಹಿಡಿದ ಹಳೆಯಲ್ಲಿ ಹಾಜರಿದ್ದರು.
ಉಪವಿಭಾಗ ಮಟ್ಟದ ಮ್ಯಾನುಯಲ್ ಸ್ಕ್ಯಾವೆಂಜರ್ ಸಮಿತಿ ಸದಸ್ಯರ ಆಯ್ಕೆಗೆ ಅರ್ಜಿ ಆಹ್ವಾನ
ಚಿಕ್ಕಬಳ್ಳಾಪುರ ಉಪವಿಭಾಗ ಮಟ್ಟದ ಮ್ಯಾನುಯಲ್ ಸ್ಕ್ಯಾವೆಂಜರ್ ಸಮಿತಿಗೆ ಸದಸ್ಯರ ಆಯ್ಕೆಗೆ ಅರ್ಜಿ ಆಹ್ವಾನಿಸಲಾಗಿದೆ. ಆಸಕ್ತರು ನಿಗದಿತ ನಮೂನೆಯಲ್ಲಿ ಅರ್ಜಿ ಸಲ್ಲಿಸಬಹುದು. ಹೆಚ್ಚಿನ ಮಾಹಿತಿಗೆ ಉಪವಿಭಾಗಾಧಿಕಾರಿ ಕಚೇರಿಯನ್ನು ಸಂಪರ್ಕಿಸುವಂತೆ ತಿಳಿಸಲಾಗಿದೆ.
ಚಿಕ್ಕಬಳ್ಳಾಪುರ ಉಪವಿಭಾಗ ಮಟ್ಟದ ಮ್ಯಾನುಯಲ್ ಸ್ಕ್ಯಾವೆಂಜರ್ ಸಮಿತಿಗೆ ಸದಸ್ಯರ ಆಯ್ಕೆಗೆ ಅರ್ಜಿ ಆಹ್ವಾನಿಸಲಾಗಿದೆ. ಆಸಕ್ತರು ನಿಗದಿತ ನಮೂನೆಯಲ್ಲಿ ಅರ್ಜಿ ಸಲ್ಲಿಸಬಹುದು. ಹೆಚ್ಚಿನ ಮಾಹಿತಿಗೆ ಉಪವಿಭಾಗಾಧಿಕಾರಿ ಕಚೇರಿಯನ್ನು ಸಂಪರ್ಕಿಸುವಂತೆ ತಿಳಿಸಲಾಗಿದೆ.
ಚಿಕ್ಕಬಳ್ಳಾಪುರ ಉಪವಿಭಾಗ ಮಟ್ಟದ ಮ್ಯಾನುಯಲ್ ಸ್ಕ್ಯಾವೆಂಜರ್ ಸಮಿತಿಗೆ ಸದಸ್ಯರ ಆಯ್ಕೆಗೆ ಅರ್ಜಿ ಆಹ್ವಾನಿಸಲಾಗಿದೆ. ಆಸಕ್ತರು ನಿಗದಿತ ನಮೂನೆಯಲ್ಲಿ ಅರ್ಜಿ ಸಲ್ಲಿಸಬಹುದು. ಹೆಚ್ಚಿನ ಮಾಹಿತಿಗೆ ಉಪವಿಭಾಗಾಧಿಕಾರಿ ಕಚೇರಿಯನ್ನು ಸಂಪರ್ಕಿಸುವಂತೆ ತಿಳಿಸಲಾಗಿದೆ.
ಚಿಕ್ಕಬಳ್ಳಾಪುರ ಉಪವಿಭಾಗ ಮಟ್ಟದ ಮ್ಯಾನುಯಲ್ ಸ್ಕ್ಯಾವೆಂಜರ್ ಸಮಿತಿಗೆ ಸದಸ್ಯರ ಆಯ್ಕೆಗೆ ಅರ್ಜಿ ಆಹ್ವಾನಿಸಲಾಗಿದೆ. ಆಸಕ್ತರು ನಿಗದಿತ ನಮೂನೆಯಲ್ಲಿ ಅರ್ಜಿ ಸಲ್ಲಿಸಬಹುದು. ಹೆಚ್ಚಿನ ಮಾಹಿತಿಗೆ ಉಪವಿಭಾಗಾಧಿಕಾರಿ ಕಚೇರಿಯನ್ನು ಸಂಪರ್ಕಿಸುವಂತೆ ತಿಳಿಸಲಾಗಿದೆ.
ಬಂಗಾರಪೇಟೆ ಪುರಸಭೆ ವಿಷಯಕ್ಕೆ ಸಂಬಂಧಿಸಿದಂತೆ ಗಲಾಟೆಯಲ್ಲಿ ನೌಕರನ ಮೇಲೆ ಹಲ್ಲೆ ನಡೆದ ಘಟನೆ ನಡೆದಿದೆ. ಗಾಯಗೊಂಡ ನೌಕರನನ್ನು ಆಸ್ಪತ್ರೆಗೆ ದಾಖಲಿಸಲಾಗಿದೆ. ಪೊಲೀಸರು ಪ್ರಕರಣ ದಾಖಲಿಸಿಕೊಂಡು ತನಿಖೆ ನಡೆಸುತ್ತಿದ್ದಾರೆ.
ಜ.೧೧ಕ್ಕೆ ಮಡಿವಾಳ ಸಮಾಜದ ಮುಖಂಡರ ಸಭೆ
ಕೋಲಾರ ಮಡಿವಾಳ ಮಾಚಿದೇವರ ಜಯಂತಿ ಸಿದ್ಧತಾ ಸಭೆಯಲ್ಲಿ ಸಮಾಜದ ಮುಖಂಡರು ಭಾಗವಹಿಸಿದ್ದರು.
ಕೋಲಾರ ಮಡಿವಾಳ ಮಾಚಿದೇವರ ಜಯಂತಿ ಆಚರಣೆ ಕುರಿತು ಜನವರಿ 11 ರಂದು ಸಮಾಜದ ಮುಖಂಡರ ಸಭೆ ಕರೆಯಲಾಗಿದೆ. ಎಲ್ಲಾ ಮುಖಂಡರು ಹಾಗೂ ಸಮಾಜ ಬಾಂಧವರು ಭಾಗವಹಿಸಬೇಕು ಎಂದು ಸಂಘಟಕರು ಮನವಿ ಮಾಡಿದ್ದಾರೆ.
ಕೋಲಾರ ಮಡಿವಾಳ ಮಾಚಿದೇವರ ಜಯಂತಿ ಆಚರಣೆ ಕುರಿತು ಜನವರಿ 11 ರಂದು ಸಮಾಜದ ಮುಖಂಡರ ಸಭೆ ಕರೆಯಲಾಗಿದೆ. ಎಲ್ಲಾ ಮುಖಂಡರು ಹಾಗೂ ಸಮಾಜ ಬಾಂಧವರು ಭಾಗವಹಿಸಬೇಕು ಎಂದು ಸಂಘಟಕರು ಮನವಿ ಮಾಡಿದ್ದಾರೆ.
ಕೋಲಾರ ಜಿಲ್ಲೆಯ ದೊಮ್ಮಸಂದ್ರದ ಶಿಕ್ಷಕ ನರಸಿಂಹಮೂರ್ತಿ ಅವರಿಗೆ ಕರ್ನಾಟಕ ಶಿಕ್ಷಣ ರತ್ನ ಪ್ರಶಸ್ತಿ ಲಭಿಸಿದೆ. ಬೆಂಗಳೂರಿನಲ್ಲಿ ನಡೆದ ಸಮಾರಂಭದಲ್ಲಿ ಪ್ರಶಸ್ತಿ ಪ್ರದಾನ ಮಾಡಲಾಯಿತು. ಮೂವತ್ತು ವರ್ಷಗಳ ಸೇವೆ ಸಲ್ಲಿಸಿರುವ ಅವರು ಶೈಕ್ಷಣಿಕ ಕ್ಷೇತ್ರಕ್ಕೆ ನೀಡಿದ ಕೊಡುಗೆ ಗುರುತಿಸಿ ಪ್ರಶಸ್ತಿ ನೀಡಲಾಗಿದೆ ಎಂದು ಸಂಘಟಕರು ತಿಳಿಸಿದರು.
ನಿಮ್ಮ ಅಭಿಮಾನಿ ಪ್ರವಾಸ ಸಂಸ್ಥೆಯಿಂದ ನೂತನ ವರ್ಷದ ಪ್ರವಾಸಗಳು
25-1-2025ರಂದು 4 ದಿನಗಳ ಪ್ರವಾಸ
2+2 A/c ಬಸ್ಸಿನಲ್ಲಿ ಇರುವರೆ ಭೋಜನ ವ್ಯವಸ್ಥೆ ರಾಮೇಶ್ವರ ಮತ್ತು 9 ನಾಗರಾಜ ದೇವಾಲಯಗಳ ದರ್ಶನ ತಿರುಪ್ಪೂರ್, ರಾಮೇಶ್ವರ, ತಂಜಾವೂರು, ಮಧುರೈ, ಕುಂಭಕೋಣಂ
30-1-2025ರಂದು 4 ದಿನಗಳ ಪ್ರವಾಸ
2+2 A/c ಬಸ್ಸಿನಲ್ಲಿ ಊಟದ ವ್ಯವಸ್ಥೆಯೊಂದಿಗೆ ಧರ್ಮಸ್ಥಳ, ಕೊಲ್ಲೂರು, ಮುರುಡೇಶ್ವರ, ಶೃಂಗೇರಿ, ಹೊರನಾಡು, ಕುಕ್ಕೆ ಸುಬ್ರಹ್ಮಣ್ಯ, ಉಡುಪಿ, ಕಟೀಲ್, ಮಂಗಳೂರು, ಕಟ್ಟೆ ಸುಬ್ರಹ್ಮಣ್ಯ
20-2-2025ರಂದು 10 ದಿನಗಳ ಪ್ರವಾಸ
ವಿಮಾನ ಮತ್ತು 2+2 A/c ಬಸ್ಸಿನಲ್ಲಿ ಇರುವರೆ 1 ದಿನ ಊಟವೂ ಸೇರಿದಂತೆ ವೃಂದಾವನ, ವಾರಣಾಸಿ, ಅಯೋಧ್ಯೆ, ಗಯಾ, ಪ್ರಯಾಗರಾಜ್, ಹರಿದ್ವಾರ, ಅಲಹಾಬಾದ್, ದೆಹಲಿ
12-5-2025ರಂದು 7 ದಿನಗಳ ಪ್ರವಾಸ
ವಿಮಾನ ಮತ್ತು 2+2 A/c ಬಸ್ಸಿನಲ್ಲಿ ಇರುವರೆ 10ಕ್ಕೂ ಹೆಚ್ಚು ಸ್ಥಳಗಳು ಸಿಂಗಾಪುರ್ ಮಲೇಷಿಯಾ ಮತ್ತು ಇತರೆ ಪ್ರವಾಸಗಳು
ಆಯೋಜನೆ ಸಂಚಾಲಕರು
ಶ್ರೀ ಗುರುರಾಜ ಟ್ರಾವೆಲ್ಸ್ (ರಿ)
ನಂ. 1740, ಕೋಟೆ ರಸ್ತೆ, ಜೆ.ಎಂ ಸರ್ಕಲ್ ಹತ್ತಿರ, ಬೆಂಗಳೂರು ಹತ್ತಿರ
ಬೆಂಗಳೂರಿನಲ್ಲಿ : ಬಾಣಸವಾಡಿ ರಸ್ತೆ, ಕೋಲಾರಕ್ಕೆ ಸಕಲಾರ ಕಛೇರಿ, ಎಲ್ಲಾ ಪ್ರವಾಸ
ಕೋಲಾರ : ಮೊಬೈ - 9449652555, 9900124333
ಬೆಂಗಳೂರು : ಮೊಬೈ - 9449675680, 9886419866
ಸಂಪಾದಕ: ಸುಹಾಸ್ ಪ್ರಭುದ್ದರಾವ್, ಪ್ರಕಾಶಕ, ಮುದ್ರಕ: ಕೆ.ಎಸ್. ಶ್ರೀವಾಸ ಪ್ರಭುದ್ದರಾವ್, ಸುಮನ ಆಫ್‌ಸೆಟ್, 2ನೇ ರಸ್ತೆ, ಗೌರಿಪೇಟೆ, ಕೋಲಾರ–563101 Ph: 08152-222325 e-mail: kolarapatrike@gmail.com
